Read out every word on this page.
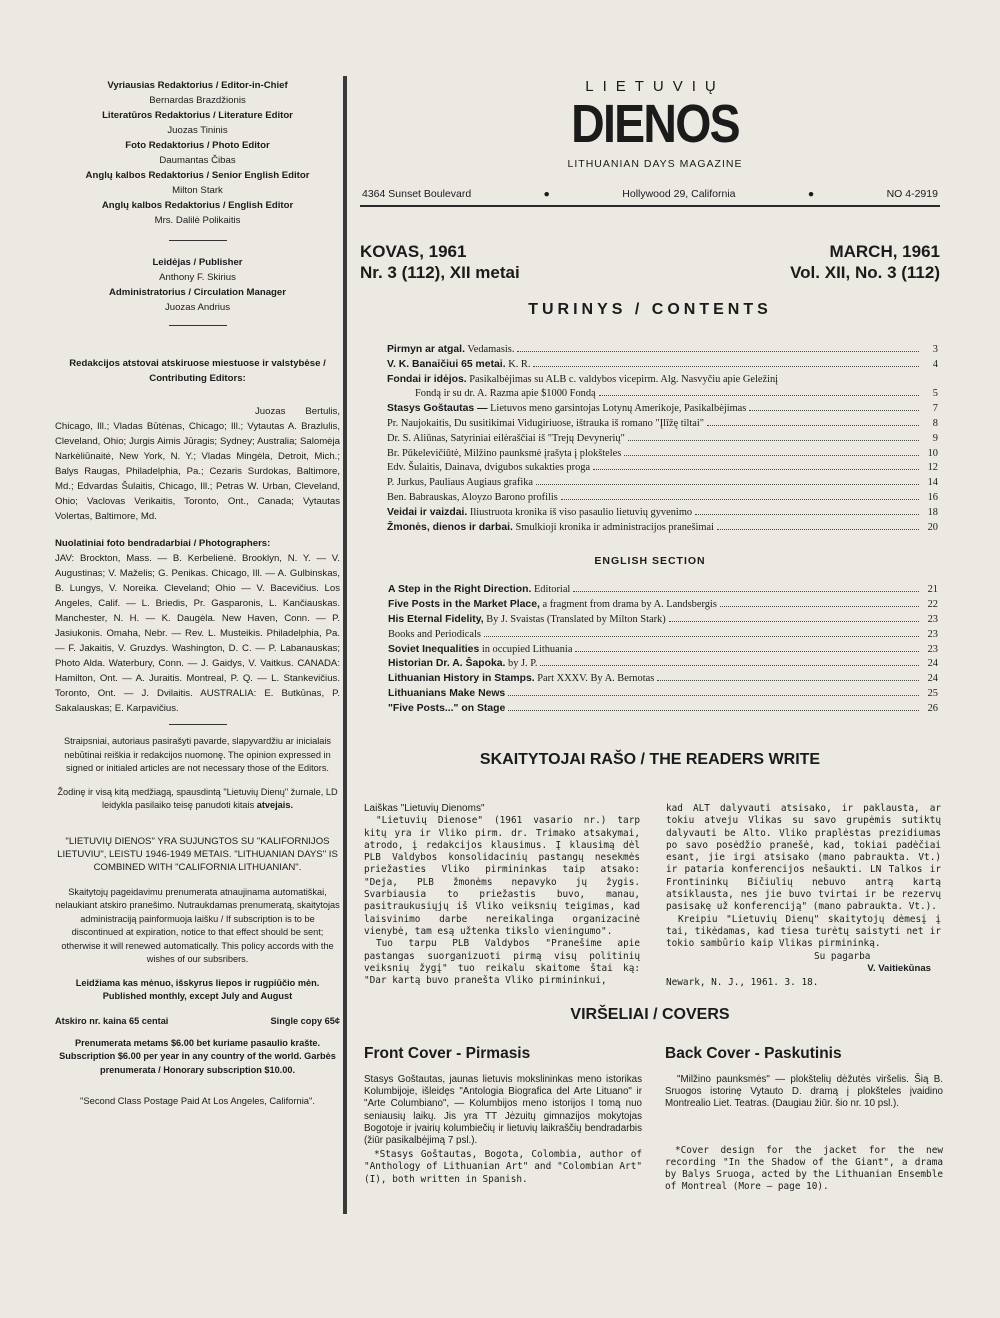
Vyriausias Redaktorius / Editor-in-Chief
Bernardas Brazdžionis
Literatūros Redaktorius / Literature Editor
Juozas Tininis
Foto Redaktorius / Photo Editor
Daumantas Čibas
Anglų kalbos Redaktorius / Senior English Editor
Milton Stark
Anglų kalbos Redaktorius / English Editor
Mrs. Dalilė Polikaitis
Leidėjas / Publisher
Anthony F. Skirius
Administratorius / Circulation Manager
Juozas Andrius
Redakcijos atstovai atskiruose miestuose ir valstybėse / Contributing Editors:
Juozas Bertulis, Chicago, Ill.; Vladas Būtėnas, Chicago; Ill.; Vytautas A. Brazlulis, Cleveland, Ohio; Jurgis Aimis Jūragis; Sydney; Australia; Salomėja Narkėliūnaitė, New York, N. Y.; Vladas Mingėla, Detroit, Mich.; Balys Raugas, Philadelphia, Pa.; Cezaris Surdokas, Baltimore, Md.; Edvardas Šulaitis, Chicago, Ill.; Petras W. Urban, Cleveland, Ohio; Vaclovas Verikaitis, Toronto, Ont., Canada; Vytautas Volertas, Baltimore, Md.
Nuolatiniai foto bendradarbiai / Photographers:
JAV: Brockton, Mass. — B. Kerbelienė. Brooklyn, N. Y. — V. Augustinas; V. Maželis; G. Penikas. Chicago, Ill. — A. Gulbinskas, B. Lungys, V. Noreika. Cleveland; Ohio — V. Bacevičius. Los Angeles, Calif. — L. Briedis, Pr. Gasparonis, L. Kančiauskas. Manchester, N. H. — K. Daugėla. New Haven, Conn. — P. Jasiukonis. Omaha, Nebr. — Rev. L. Musteikis. Philadelphia, Pa. — F. Jakaitis, V. Gruzdys. Washington, D. C. — P. Labanauskas; Photo Alda. Waterbury, Conn. — J. Gaidys, V. Vaitkus. CANADA: Hamilton, Ont. — A. Juraitis. Montreal, P. Q. — L. Stankevičius. Toronto, Ont. — J. Dvilaitis. AUSTRALIA: E. Butkūnas, P. Sakalauskas; E. Karpavičius.
Straipsniai, autoriaus pasirašyti pavarde, slapyvardžiu ar inicialais nebūtinai reiškia ir redakcijos nuomonę. The opinion expressed in signed or initialed articles are not necessary those of the Editors.
Žodinę ir visą kitą medžiagą, spausdintą "Lietuvių Dienų" žurnale, LD leidykla pasilaiko teisę panudoti kitais atvejais.
"LIETUVIŲ DIENOS" YRA SUJUNGTOS SU "KALIFORNIJOS LIETUVIU", LEISTU 1946-1949 METAIS. "LITHUANIAN DAYS" IS COMBINED WITH "CALIFORNIA LITHUANIAN".
Skaitytojų pageidavimu prenumerata atnaujinama automatiškai, nelaukiant atskiro pranešimo. Nutraukdamas prenumeratą, skaitytojas administraciją painformuoja laišku / If subscription is to be discontinued at expiration, notice to that effect should be sent; otherwise it will renewed automatically. This policy accords with the wishes of our subsribers.
Leidžiama kas mėnuo, išskyrus liepos ir rugpiūčio mėn. Published monthly, except July and August
Atskiro nr. kaina 65 centai	Single copy 65¢
Prenumerata metams $6.00 bet kuriame pasaulio krašte. Subscription $6.00 per year in any country of the world. Garbės prenumerata / Honorary subscription $10.00.
"Second Class Postage Paid At Los Angeles, California".
LIETUVIŲ
DIENOS
LITHUANIAN DAYS MAGAZINE
4364 Sunset Boulevard	●	Hollywood 29, California	●	NO 4-2919
KOVAS, 1961
Nr. 3 (112), XII metai
MARCH, 1961
Vol. XII, No. 3 (112)
TURINYS / CONTENTS
Pirmyn ar atgal. Vedamasis.	3
V. K. Banaičiui 65 metai. K. R.	4
Fondai ir idėjos. Pasikalbėjimas su ALB c. valdybos vicepirm. Alg. Nasvyčiu apie Geležinį
Fondą ir su dr. A. Razma apie $1000 Fondą	5
Stasys Goštautas — Lietuvos meno garsintojas Lotynų Amerikoje, Pasikalbėjimas	7
Pr. Naujokaitis, Du susitikimai Vidugiriuose, ištrauka iš romano "Įlīžę tiltai"	8
Dr. S. Aliūnas, Satyriniai eilėraščiai iš "Trejų Devynerių"	9
Br. Pūkelevičiūtė, Milžino paunksmė įrašyta į plokšteles	10
Edv. Šulaitis, Dainava, dvigubos sukakties proga	12
P. Jurkus, Pauliaus Augiaus grafika	14
Ben. Babrauskas, Aloyzo Barono profilis	16
Veidai ir vaizdai. Iliustruota kronika iš viso pasaulio lietuvių gyvenimo	18
Žmonės, dienos ir darbai. Smulkioji kronika ir administracijos pranešimai	20
ENGLISH SECTION
A Step in the Right Direction. Editorial	21
Five Posts in the Market Place, a fragment from drama by A. Landsbergis	22
His Eternal Fidelity, By J. Svaistas (Translated by Milton Stark)	23
Books and Periodicals	23
Soviet Inequalities in occupied Lithuania	23
Historian Dr. A. Šapoka. by J. P.	24
Lithuanian History in Stamps. Part XXXV. By A. Bernotas	24
Lithuanians Make News	25
"Five Posts..." on Stage	26
SKAITYTOJAI RAŠO / THE READERS WRITE

Laiškas "Lietuvių Dienoms"

"Lietuvių Dienose" (1961 vasario nr.) tarp kitų yra ir Vliko pirm. dr. Trimako atsakymai, atrodo, į redakcijos klausimus. Į klausimą dėl PLB Valdybos konsolidacinių pastangų nesekmės priežasties Vliko pirmininkas taip atsako: "Deja, PLB žmonėms nepavyko jų žygis. Svarbiausia to priežastis buvo, manau, pasitraukusiųjų iš Vliko veiksnių teigimas, kad laisvinimo darbe nereikalinga organizacinė vienybė, tam esą užtenka tikslo vieningumo".

Tuo tarpu PLB Valdybos "Pranešime apie pastangas suorganizuoti pirmą visų politinių veiksnių žygį" tuo reikalu skaitome štai ką: "Dar kartą buvo pranešta Vliko pirmininkui,

kad ALT dalyvauti atsisako, ir paklausta, ar tokiu atveju Vlikas su savo grupėmis sutiktų dalyvauti be Alto. Vliko praplėstas prezidiumas po savo posėdžio pranešė, kad, tokiai padėčiai esant, jie irgi atsisako (mano pabraukta. Vt.) ir pataria konferencijos nešaukti. LN Talkos ir Frontininkų Bičiulių nebuvo antrą kartą atsiklausta, nes jie buvo tvirtai ir be rezervų pasisakę už konferenciją" (mano pabraukta. Vt.).

Kreipiu "Lietuvių Dienų" skaitytojų dėmesį į tai, tikėdamas, kad tiesa turėtų saistyti net ir tokio sambūrio kaip Vlikas pirmininką.

Su pagarba

V. Vaitiekūnas

Newark, N. J., 1961. 3. 18.

VIRŠELIAI / COVERS
Front Cover - Pirmasis

Stasys Goštautas, jaunas lietuvis mokslininkas meno istorikas Kolumbijoje, išleidęs "Antologia Biografica del Arte Lituano" ir "Arte Columbiano", — Kolumbijos meno istorijos I tomą nuo seniausių laikų. Jis yra TT Jėzuitų gimnazijos mokytojas Bogotoje ir įvairių kolumbiečių ir lietuvių laikraščių bendradarbis (žiūr pasikalbėjimą 7 psl.).

*Stasys Goštautas, Bogota, Colombia, author of "Anthology of Lithuanian Art" and "Colombian Art" (I), both written in Spanish.

Back Cover - Paskutinis

"Milžino paunksmės" — plokštelių dėžutės viršelis. Šią B. Sruogos istorinę Vytauto D. dramą į plokšteles įvaidino Montrealio Liet. Teatras. (Daugiau žiūr. šio nr. 10 psl.).

*Cover design for the jacket for the new recording "In the Shadow of the Giant", a drama by Balys Sruoga, acted by the Lithuanian Ensemble of Montreal (More — page 10).
